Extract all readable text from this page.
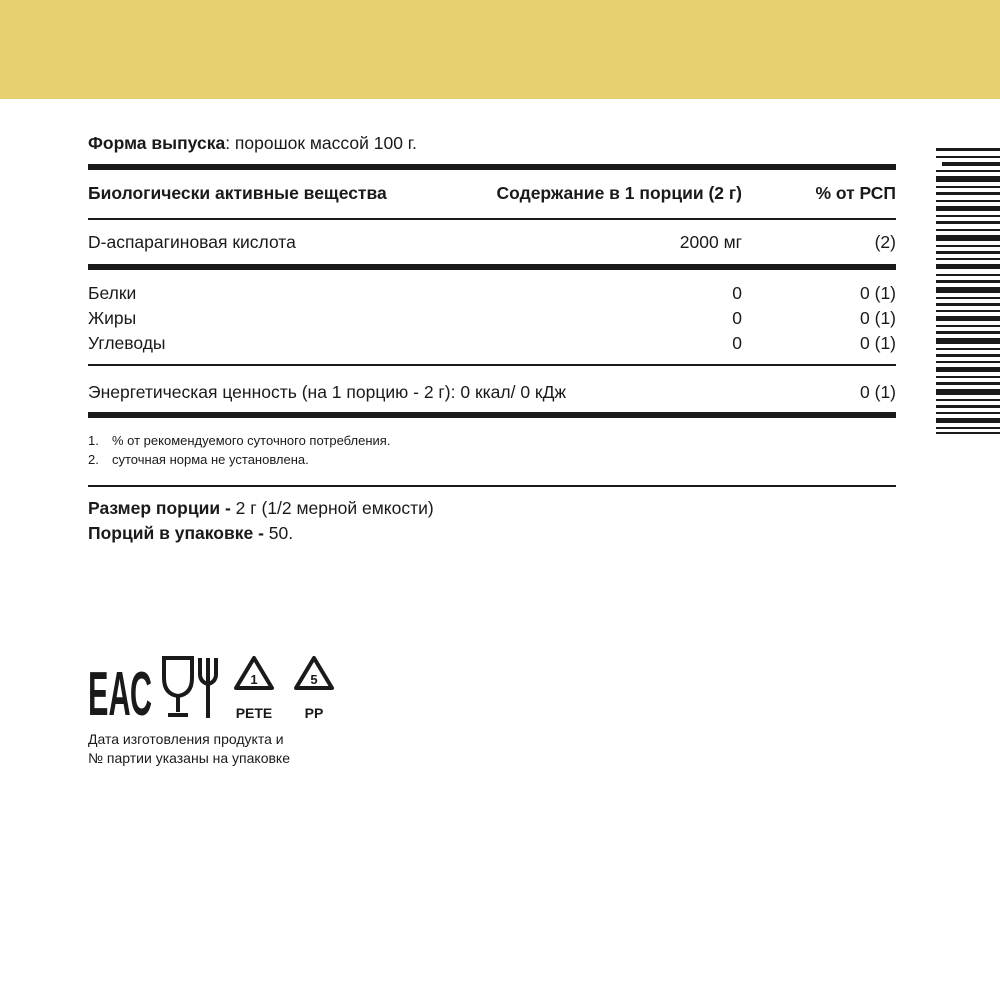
Форма выпуска: порошок массой 100 г.
Биологически активные вещества	Содержание в 1 порции (2 г)	% от РСП
D-аспарагиновая кислота	2000 мг	(2)
Белки	0	0 (1)
Жиры	0	0 (1)
Углеводы	0	0 (1)
Энергетическая ценность (на 1 порцию - 2 г): 0 ккал/ 0 кДж	0 (1)
1. % от рекомендуемого суточного потребления.
2. суточная норма не установлена.
Размер порции - 2 г (1/2 мерной емкости)
Порций в упаковке - 50.
ЕАС	1
PETE
5
PP
Дата изготовления продукта и
№ партии указаны на упаковке
